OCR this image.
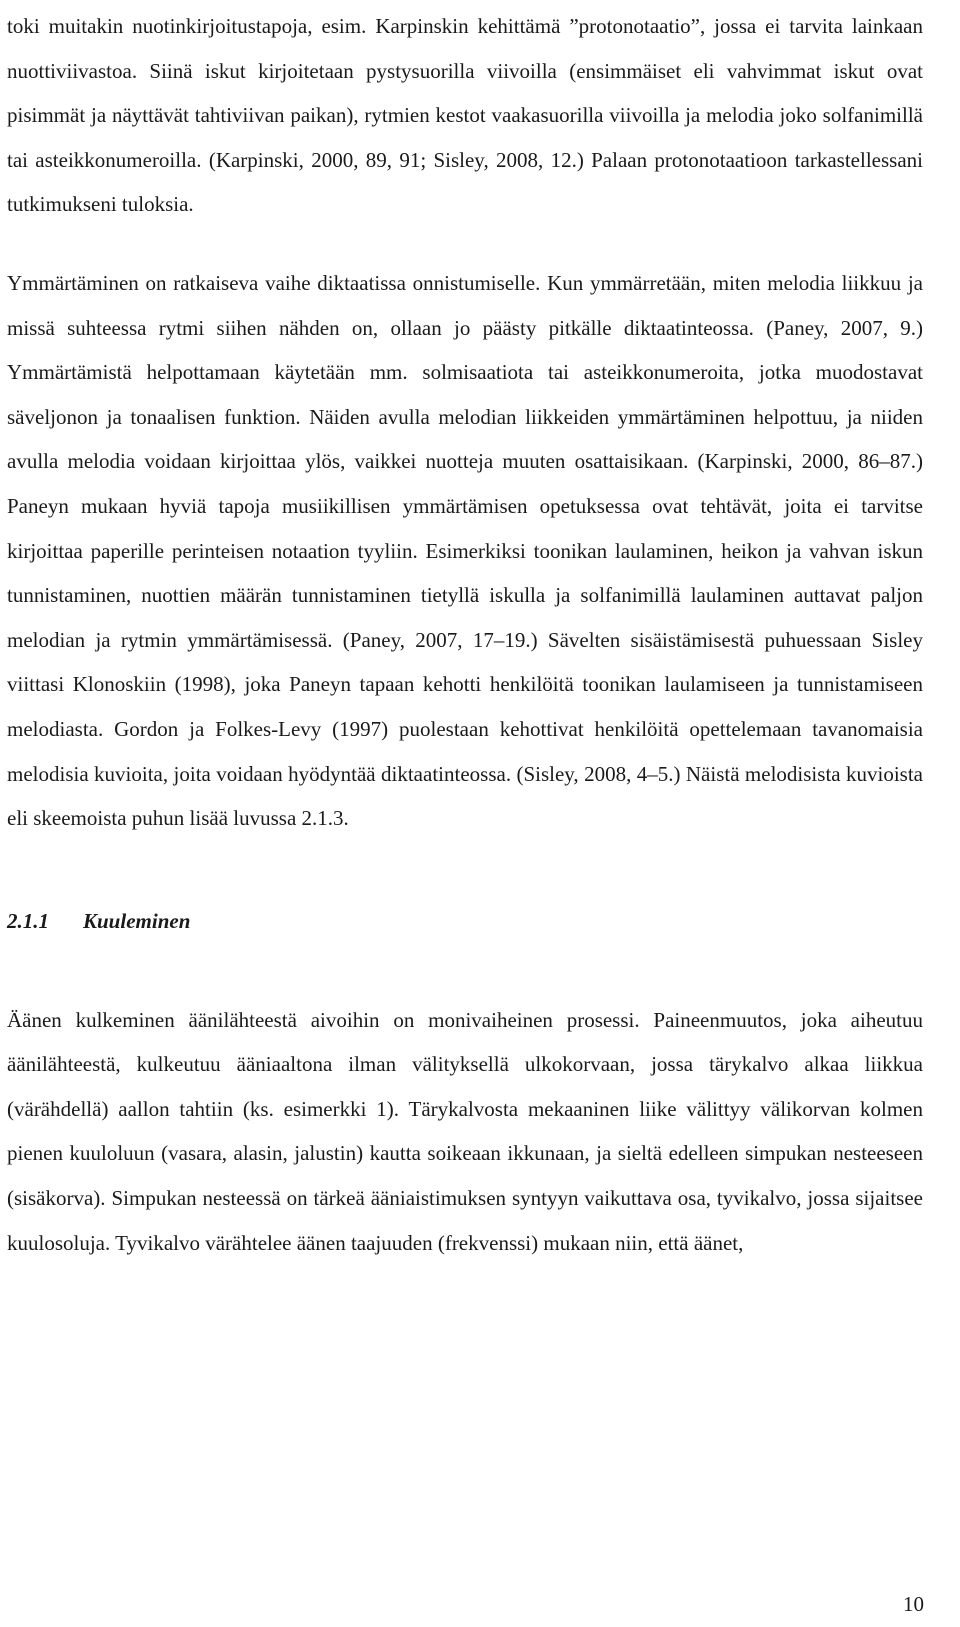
toki muitakin nuotinkirjoitustapoja, esim. Karpinskin kehittämä ”protonotaatio”, jossa ei tarvita lainkaan nuottiviivastoa. Siinä iskut kirjoitetaan pystysuorilla viivoilla (ensimmäiset eli vahvimmat iskut ovat pisimmät ja näyttävät tahtiviivan paikan), rytmien kestot vaakasuorilla viivoilla ja melodia joko solfanimillä tai asteikkonumeroilla. (Karpinski, 2000, 89, 91; Sisley, 2008, 12.) Palaan protonotaatioon tarkastellessani tutkimukseni tuloksia.

Ymmärtäminen on ratkaiseva vaihe diktaatissa onnistumiselle. Kun ymmärretään, miten melodia liikkuu ja missä suhteessa rytmi siihen nähden on, ollaan jo päästy pitkälle diktaatinteossa. (Paney, 2007, 9.) Ymmärtämistä helpottamaan käytetään mm. solmisaatiota tai asteikkonumeroita, jotka muodostavat säveljonon ja tonaalisen funktion. Näiden avulla melodian liikkeiden ymmärtäminen helpottuu, ja niiden avulla melodia voidaan kirjoittaa ylös, vaikkei nuotteja muuten osattaisikaan. (Karpinski, 2000, 86–87.) Paneyn mukaan hyviä tapoja musiikillisen ymmärtämisen opetuksessa ovat tehtävät, joita ei tarvitse kirjoittaa paperille perinteisen notaation tyyliin. Esimerkiksi toonikan laulaminen, heikon ja vahvan iskun tunnistaminen, nuottien määrän tunnistaminen tietyllä iskulla ja solfanimillä laulaminen auttavat paljon melodian ja rytmin ymmärtämisessä. (Paney, 2007, 17–19.) Sävelten sisäistämisestä puhuessaan Sisley viittasi Klonoskiin (1998), joka Paneyn tapaan kehotti henkilöitä toonikan laulamiseen ja tunnistamiseen melodiasta. Gordon ja Folkes-Levy (1997) puolestaan kehottivat henkilöitä opettelemaan tavanomaisia melodisia kuvioita, joita voidaan hyödyntää diktaatinteossa. (Sisley, 2008, 4–5.) Näistä melodisista kuvioista eli skeemoista puhun lisää luvussa 2.1.3.

2.1.1 Kuuleminen

Äänen kulkeminen äänilähteestä aivoihin on monivaiheinen prosessi. Paineenmuutos, joka aiheutuu äänilähteestä, kulkeutuu ääniaaltona ilman välityksellä ulkokorvaan, jossa tärykalvo alkaa liikkua (värähdellä) aallon tahtiin (ks. esimerkki 1). Tärykalvosta mekaaninen liike välittyy välikorvan kolmen pienen kuuloluun (vasara, alasin, jalustin) kautta soikeaan ikkunaan, ja sieltä edelleen simpukan nesteeseen (sisäkorva). Simpukan nesteessä on tärkeä ääniaistimuksen syntyyn vaikuttava osa, tyvikalvo, jossa sijaitsee kuulosoluja. Tyvikalvo värähtelee äänen taajuuden (frekvenssi) mukaan niin, että äänet,

10
